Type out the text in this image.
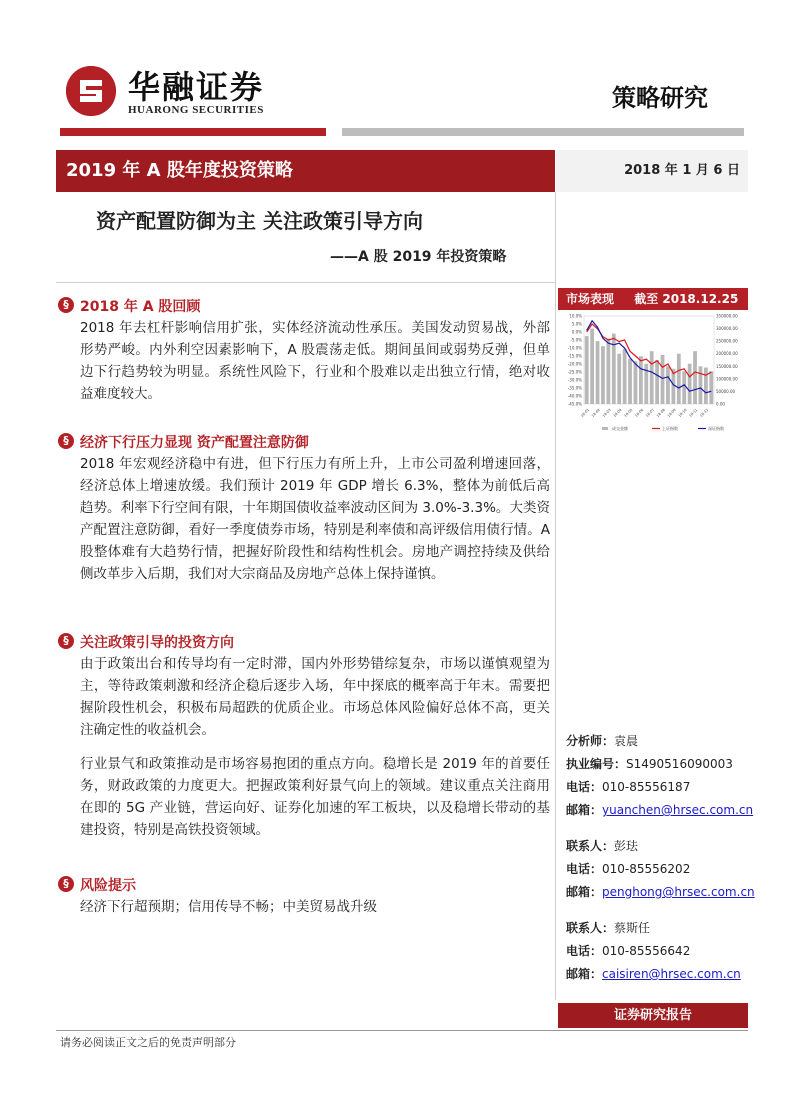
华融证券
HUARONG SECURITIES	策略研究
2019 年 A 股年度投资策略	2018 年 1 月 6 日
资产配置防御为主 关注政策引导方向
——A 股 2019 年投资策略
§ 2018 年 A 股回顾
2018 年去杠杆影响信用扩张，实体经济流动性承压。美国发动贸易战，外部形势严峻。内外利空因素影响下，A 股震荡走低。期间虽间或弱势反弹，但单边下行趋势较为明显。系统性风险下，行业和个股难以走出独立行情，绝对收益难度较大。
§ 经济下行压力显现 资产配置注意防御
2018 年宏观经济稳中有进，但下行压力有所上升，上市公司盈利增速回落，经济总体上增速放缓。我们预计 2019 年 GDP 增长 6.3%，整体为前低后高趋势。利率下行空间有限，十年期国债收益率波动区间为 3.0%-3.3%。大类资产配置注意防御，看好一季度债券市场，特别是利率债和高评级信用债行情。A 股整体难有大趋势行情，把握好阶段性和结构性机会。房地产调控持续及供给侧改革步入后期，我们对大宗商品及房地产总体上保持谨慎。
§ 关注政策引导的投资方向
由于政策出台和传导均有一定时滞，国内外形势错综复杂，市场以谨慎观望为主，等待政策刺激和经济企稳后逐步入场，年中探底的概率高于年末。需要把握阶段性机会，积极布局超跌的优质企业。市场总体风险偏好总体不高，更关注确定性的收益机会。
行业景气和政策推动是市场容易抱团的重点方向。稳增长是 2019 年的首要任务，财政政策的力度更大。把握政策利好景气向上的领域。建议重点关注商用在即的 5G 产业链，营运向好、证券化加速的军工板块，以及稳增长带动的基建投资，特别是高铁投资领域。
§ 风险提示
经济下行超预期；信用传导不畅；中美贸易战升级
市场表现 截至 2018.12.25
10.0%
5.0%
0.0%
-5.0%
-10.0%
-15.0%
-20.0%
-25.0%
-30.0%
-35.0%
-40.0%
-45.0%
350000.00
300000.00
250000.00
200000.00
150000.00
100000.00
50000.00
0.00
18-01 18-02 18-03 18-04 18-05 18-06 18-07 18-08 18-09 18-10 18-11 18-12
成交金额	上证指数	深证指数
分析师：袁晨
执业编号：S1490516090003
电话：010-85556187
邮箱：yuanchen@hrsec.com.cn
联系人：彭珐
电话：010-85556202
邮箱：penghong@hrsec.com.cn
联系人：蔡斯任
电话：010-85556642
邮箱：caisiren@hrsec.com.cn
证券研究报告
请务必阅读正文之后的免责声明部分
